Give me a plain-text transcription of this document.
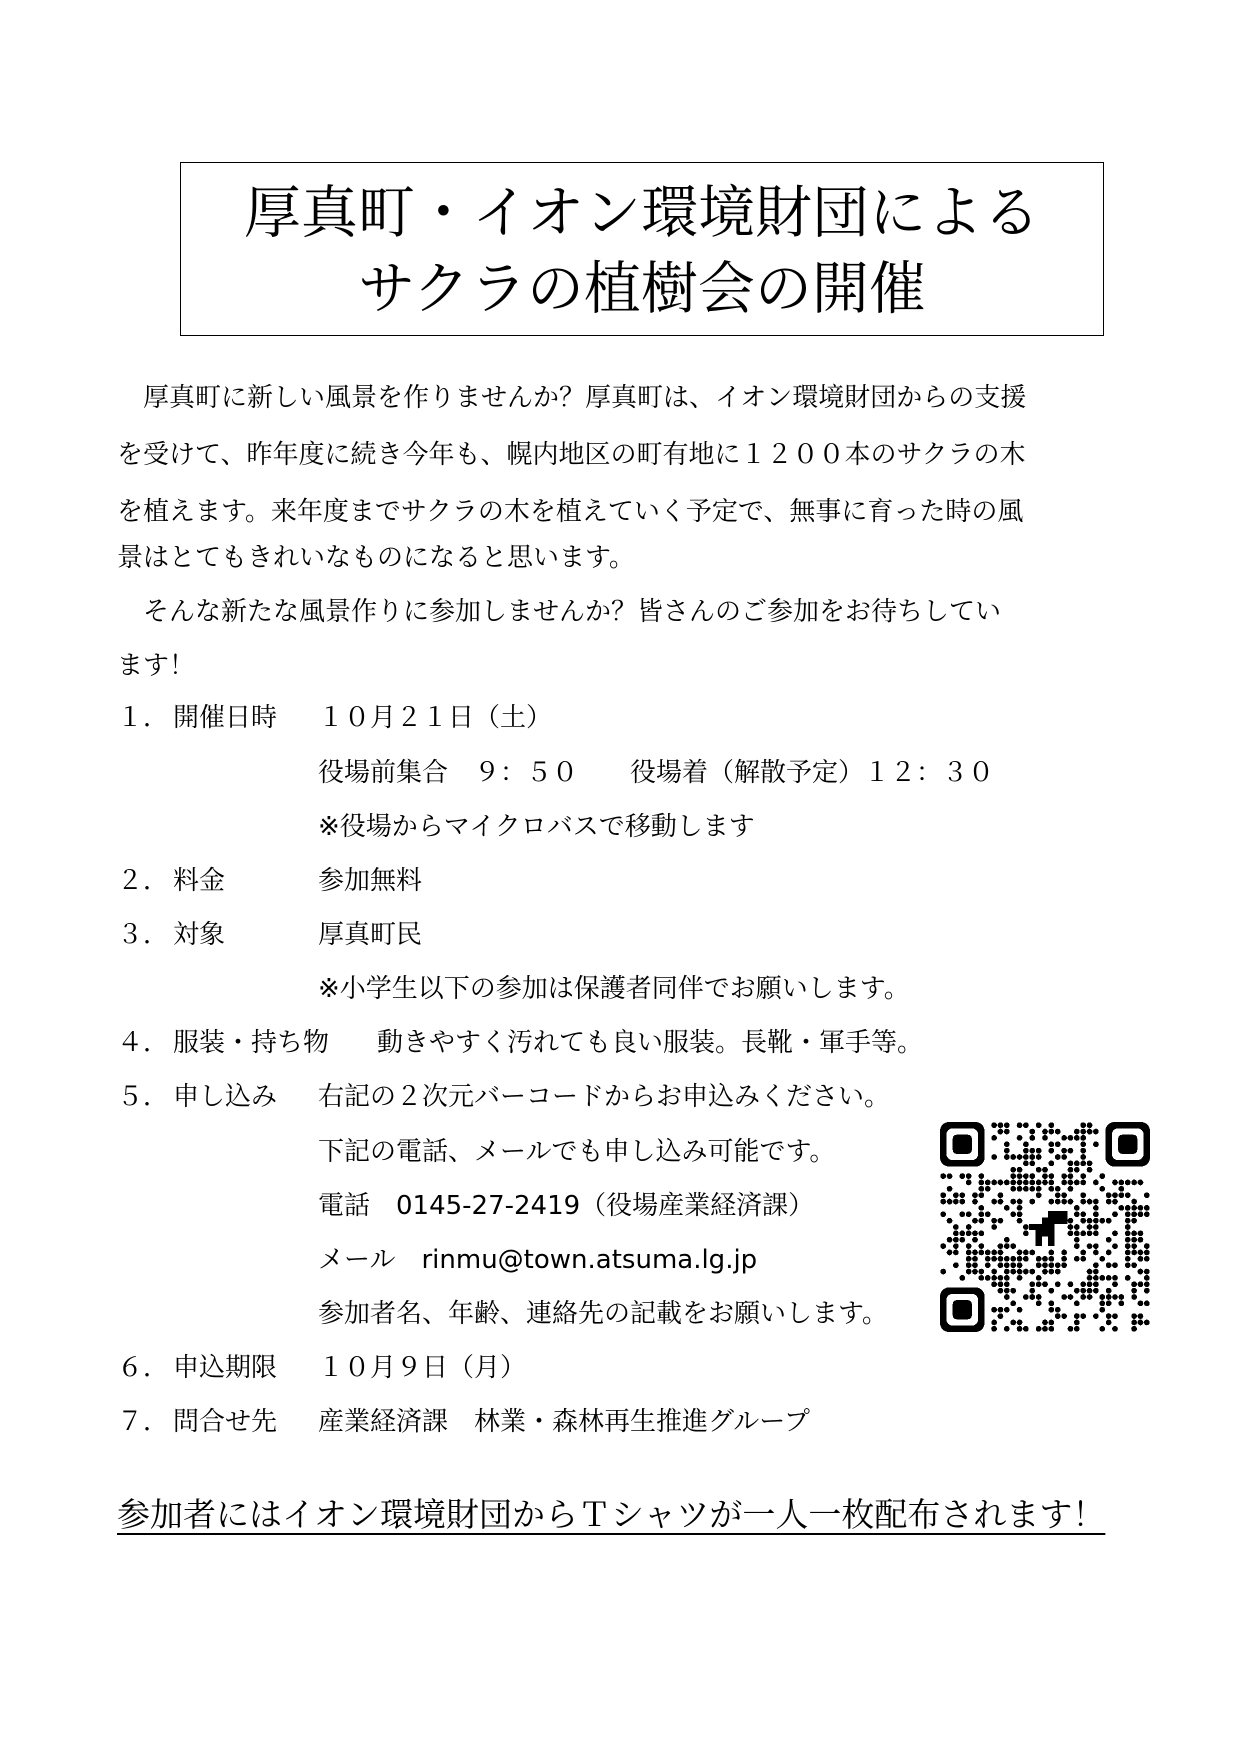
厚真町・イオン環境財団による
サクラの植樹会の開催
　厚真町に新しい風景を作りませんか？厚真町は、イオン環境財団からの支援
を受けて、昨年度に続き今年も、幌内地区の町有地に１２００本のサクラの木
を植えます。来年度までサクラの木を植えていく予定で、無事に育った時の風
景はとてもきれいなものになると思います。
　そんな新たな風景作りに参加しませんか？皆さんのご参加をお待ちしてい
ます！
１． 開催日時 １０月２１日（土）
役場前集合　９：５０　　役場着（解散予定）１２：３０
※役場からマイクロバスで移動します
２． 料金	参加無料
３． 対象	厚真町民
※小学生以下の参加は保護者同伴でお願いします。
４． 服装・持ち物 動きやすく汚れても良い服装。長靴・軍手等。
５． 申し込み 右記の２次元バーコードからお申込みください。
下記の電話、メールでも申し込み可能です。
電話　0145-27-2419（役場産業経済課）
メール　rinmu@town.atsuma.lg.jp
参加者名、年齢、連絡先の記載をお願いします。
６． 申込期限 １０月９日（月）
７． 問合せ先 産業経済課　林業・森林再生推進グループ
参加者にはイオン環境財団からＴシャツが一人一枚配布されます！
